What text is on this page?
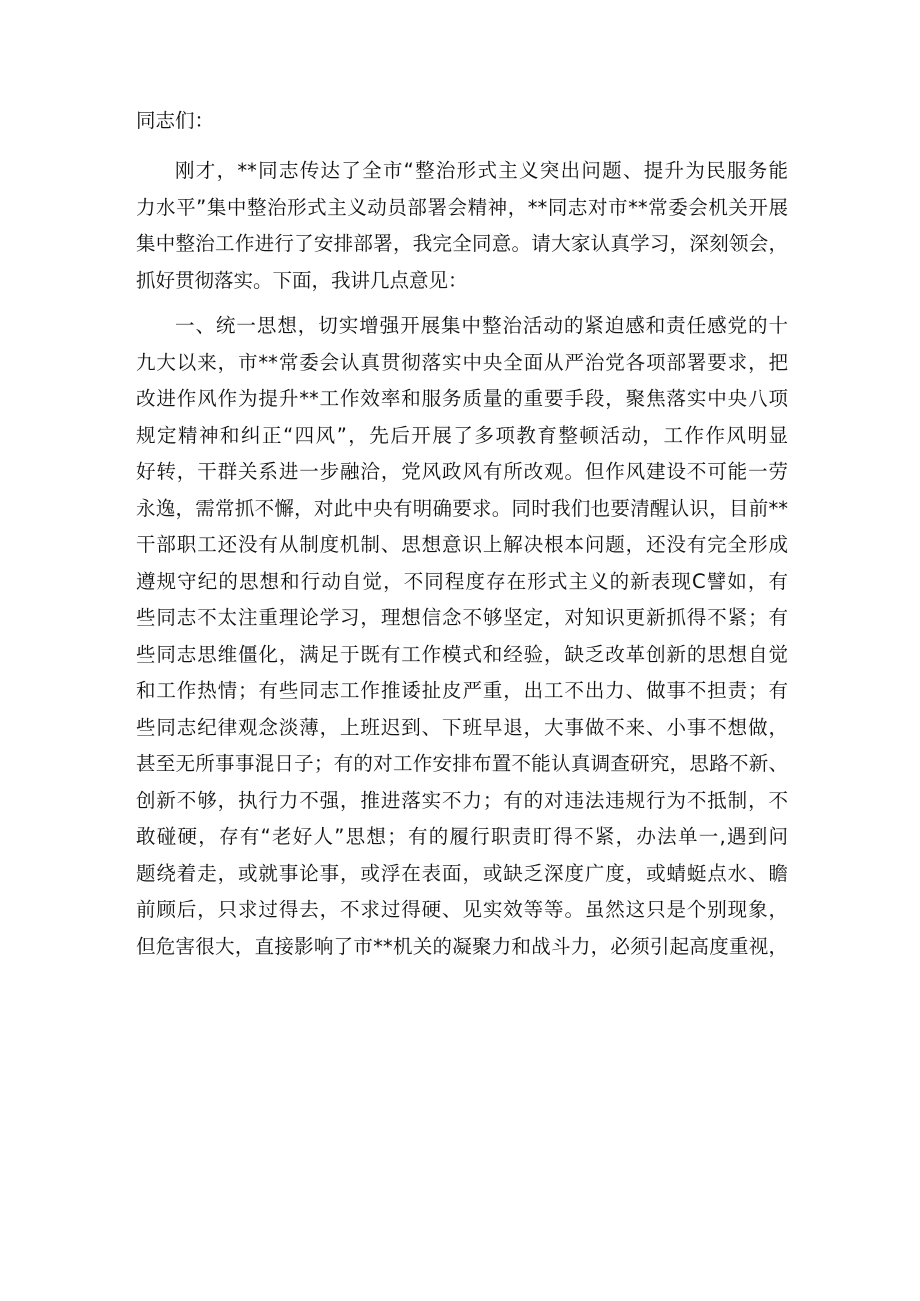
同志们：
刚才，**同志传达了全市“整治形式主义突出问题、提升为民服务能
力水平”集中整治形式主义动员部署会精神，**同志对市**常委会机关开展
集中整治工作进行了安排部署，我完全同意。请大家认真学习，深刻领会，
抓好贯彻落实。下面，我讲几点意见：
一、统一思想，切实增强开展集中整治活动的紧迫感和责任感党的十
九大以来，市**常委会认真贯彻落实中央全面从严治党各项部署要求，把
改进作风作为提升**工作效率和服务质量的重要手段，聚焦落实中央八项
规定精神和纠正“四风”，先后开展了多项教育整顿活动，工作作风明显
好转，干群关系进一步融洽，党风政风有所改观。但作风建设不可能一劳
永逸，需常抓不懈，对此中央有明确要求。同时我们也要清醒认识，目前**
干部职工还没有从制度机制、思想意识上解决根本问题，还没有完全形成
遵规守纪的思想和行动自觉，不同程度存在形式主义的新表现C譬如，有
些同志不太注重理论学习，理想信念不够坚定，对知识更新抓得不紧；有
些同志思维僵化，满足于既有工作模式和经验，缺乏改革创新的思想自觉
和工作热情；有些同志工作推诿扯皮严重，出工不出力、做事不担责；有
些同志纪律观念淡薄，上班迟到、下班早退，大事做不来、小事不想做，
甚至无所事事混日子；有的对工作安排布置不能认真调查研究，思路不新、
创新不够，执行力不强，推进落实不力；有的对违法违规行为不抵制，不
敢碰硬，存有“老好人”思想；有的履行职责盯得不紧，办法单一,遇到问
题绕着走，或就事论事，或浮在表面，或缺乏深度广度，或蜻蜓点水、瞻
前顾后，只求过得去，不求过得硬、见实效等等。虽然这只是个别现象，
但危害很大，直接影响了市**机关的凝聚力和战斗力，必须引起高度重视，
